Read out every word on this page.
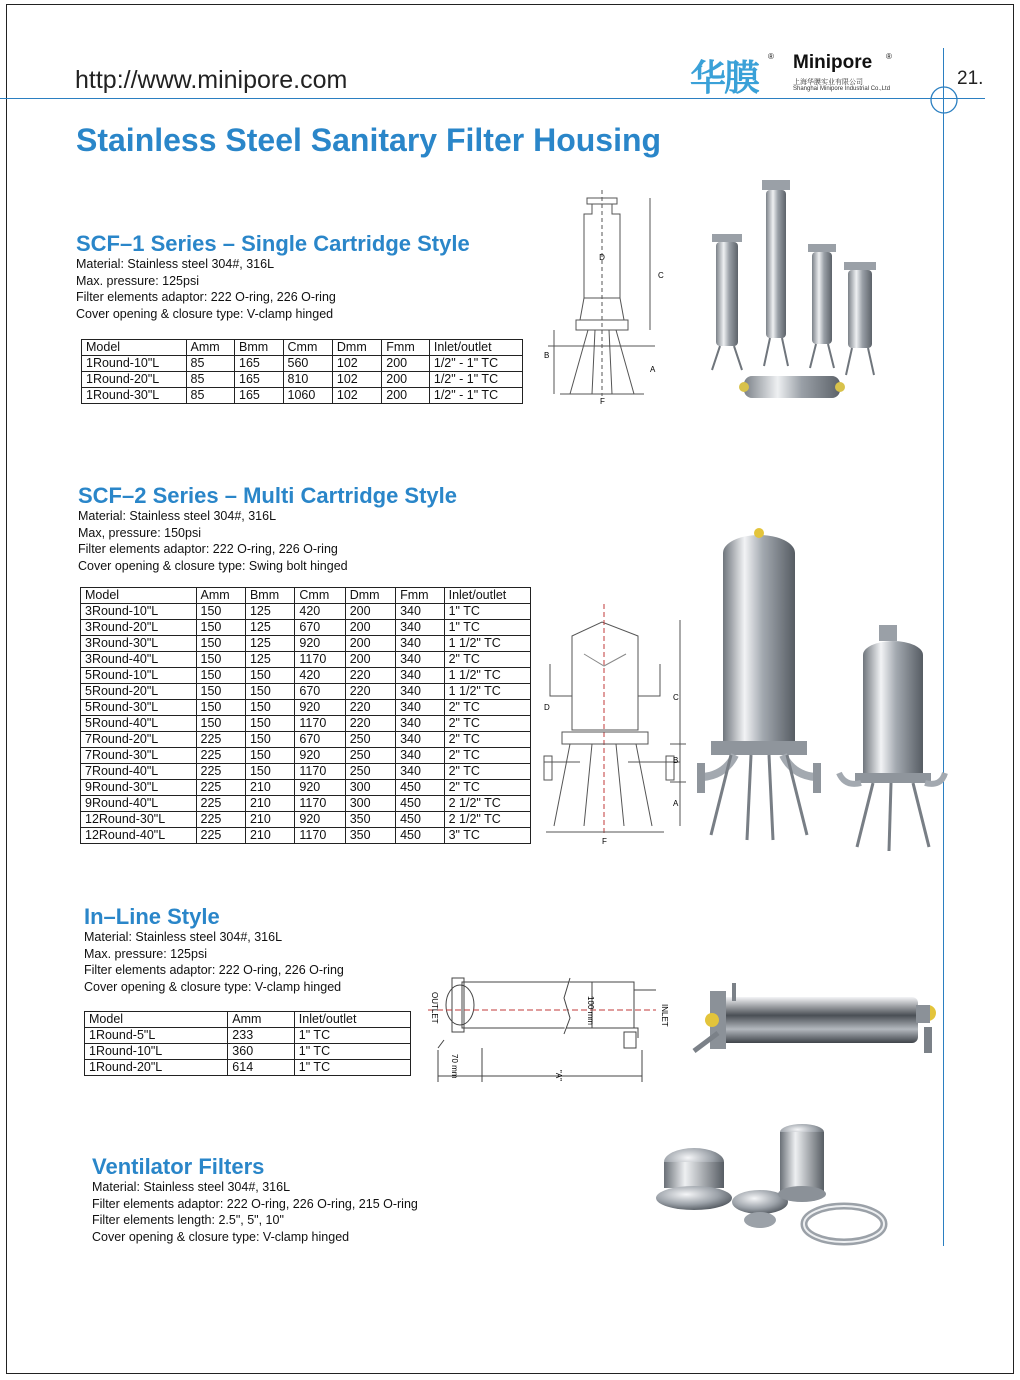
http://www.minipore.com	21.
华膜
® Minipore ®
上海华膜实业有限公司
Shanghai Minipore Industrial Co.,Ltd
Stainless Steel Sanitary Filter Housing
SCF–1 Series – Single Cartridge Style
Material: Stainless steel 304#, 316L
Max. pressure: 125psi
Filter elements adaptor: 222 O-ring, 226 O-ring
Cover opening & closure type: V-clamp hinged
Model	Amm	Bmm	Cmm	Dmm	Fmm	Inlet/outlet
1Round-10"L	85	165	560	102	200	1/2" - 1" TC
1Round-20"L	85	165	810	102	200	1/2" - 1" TC
1Round-30"L	85	165	1060	102	200	1/2" - 1" TC
D
C
B
A
F
SCF–2 Series – Multi Cartridge Style
Material: Stainless steel 304#, 316L
Max, pressure: 150psi
Filter elements adaptor: 222 O-ring, 226 O-ring
Cover opening & closure type: Swing bolt hinged
Model	Amm	Bmm	Cmm	Dmm	Fmm	Inlet/outlet
3Round-10"L	150	125	420	200	340	1" TC
3Round-20"L	150	125	670	200	340	1" TC
3Round-30"L	150	125	920	200	340	1 1/2" TC
3Round-40"L	150	125	1170	200	340	2" TC
5Round-10"L	150	150	420	220	340	1 1/2" TC
5Round-20"L	150	150	670	220	340	1 1/2" TC
5Round-30"L	150	150	920	220	340	2" TC
5Round-40"L	150	150	1170	220	340	2" TC
7Round-20"L	225	150	670	250	340	2" TC
7Round-30"L	225	150	920	250	340	2" TC
7Round-40"L	225	150	1170	250	340	2" TC
9Round-30"L	225	210	920	300	450	2" TC
9Round-40"L	225	210	1170	300	450	2 1/2" TC
12Round-30"L	225	210	920	350	450	2 1/2" TC
12Round-40"L	225	210	1170	350	450	3" TC
C
D
B
A
F
In–Line Style
Material: Stainless steel 304#, 316L
Max. pressure: 125psi
Filter elements adaptor: 222 O-ring, 226 O-ring
Cover opening & closure type: V-clamp hinged
Model	Amm	Inlet/outlet
1Round-5"L	233	1" TC
1Round-10"L	360	1" TC
1Round-20"L	614	1" TC
OUTLET	INLET
100 mm
70 mm	"A"
Ventilator Filters
Material: Stainless steel 304#, 316L
Filter elements adaptor: 222 O-ring, 226 O-ring, 215 O-ring
Filter elements length: 2.5", 5", 10"
Cover opening & closure type: V-clamp hinged
